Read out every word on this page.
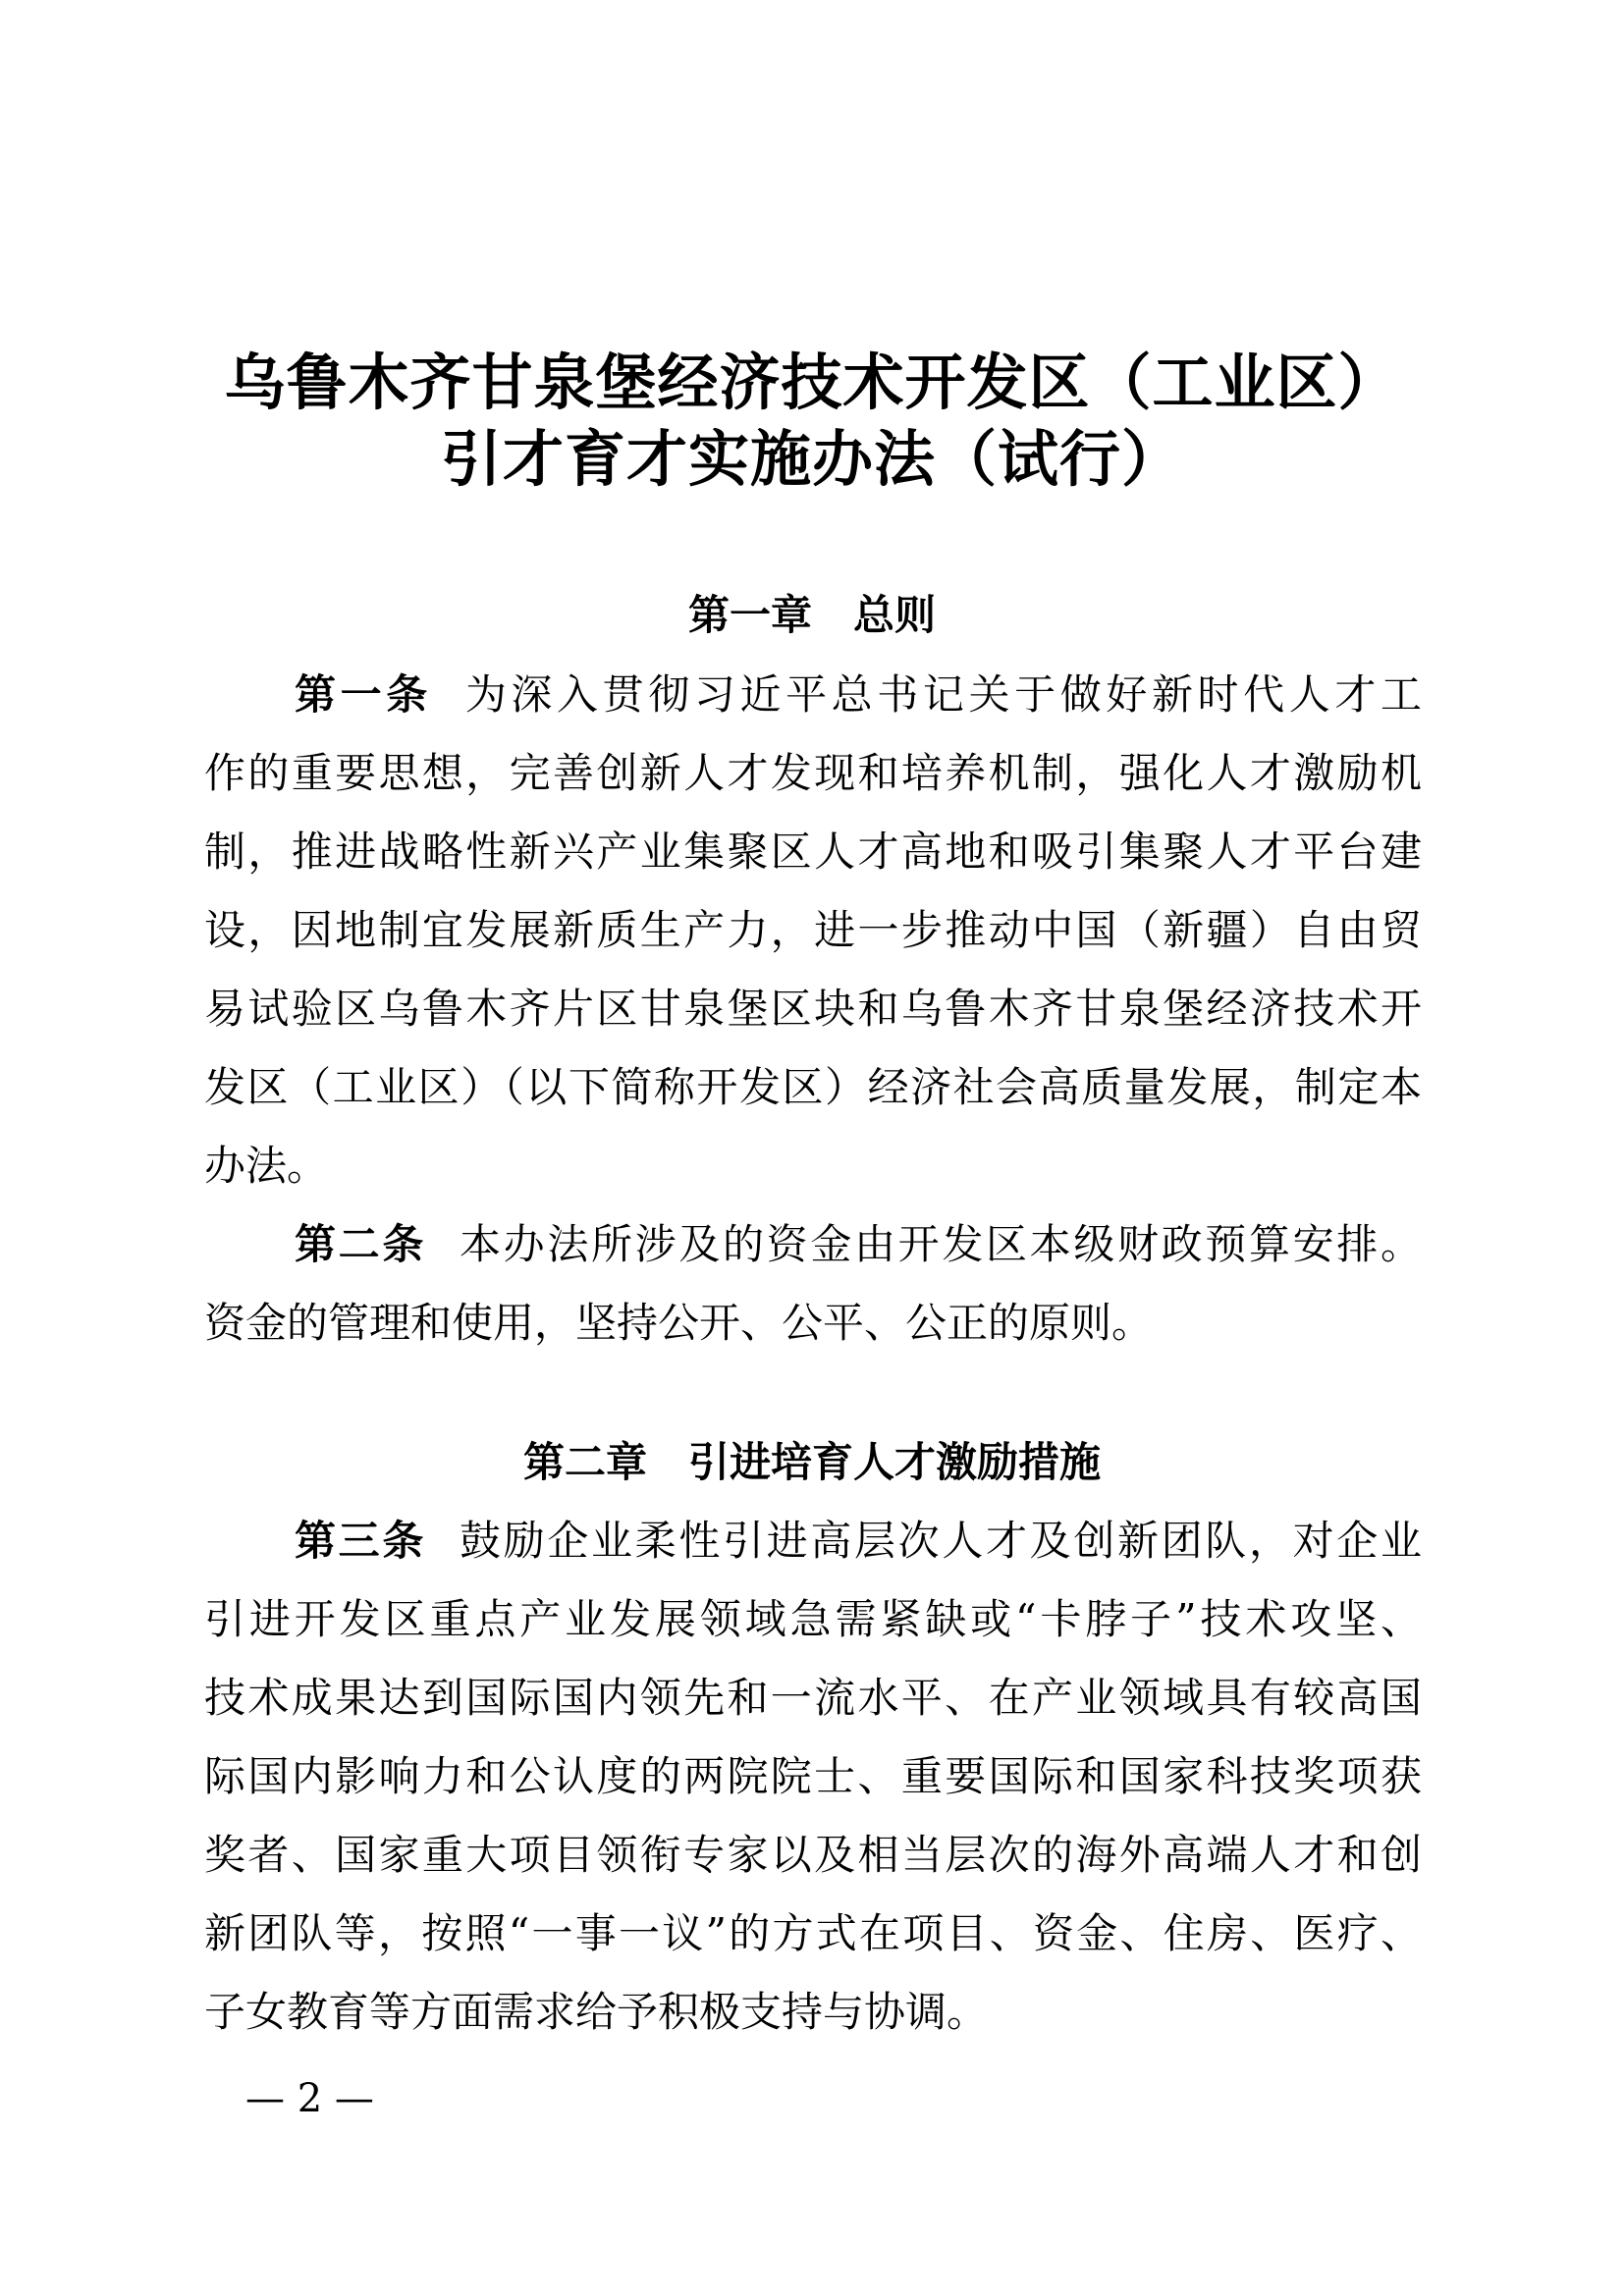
乌鲁木齐甘泉堡经济技术开发区（工业区）
引才育才实施办法（试行）
第一章 总则
第一条 为深入贯彻习近平总书记关于做好新时代人才工
作的重要思想，完善创新人才发现和培养机制，强化人才激励机
制，推进战略性新兴产业集聚区人才高地和吸引集聚人才平台建
设，因地制宜发展新质生产力，进一步推动中国（新疆）自由贸
易试验区乌鲁木齐片区甘泉堡区块和乌鲁木齐甘泉堡经济技术开
发区（工业区）（以下简称开发区）经济社会高质量发展，制定本
办法。
第二条 本办法所涉及的资金由开发区本级财政预算安排。
资金的管理和使用，坚持公开、公平、公正的原则。
第二章 引进培育人才激励措施
第三条 鼓励企业柔性引进高层次人才及创新团队，对企业
引进开发区重点产业发展领域急需紧缺或“卡脖子”技术攻坚、
技术成果达到国际国内领先和一流水平、在产业领域具有较高国
际国内影响力和公认度的两院院士、重要国际和国家科技奖项获
奖者、国家重大项目领衔专家以及相当层次的海外高端人才和创
新团队等，按照“一事一议”的方式在项目、资金、住房、医疗、
子女教育等方面需求给予积极支持与协调。
— 2 —
